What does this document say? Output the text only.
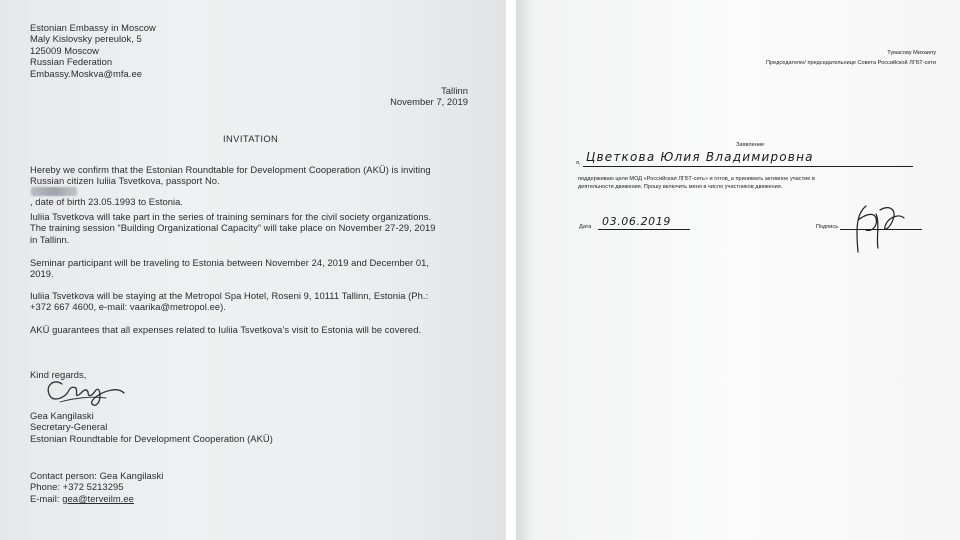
Estonian Embassy in Moscow
Maly Kislovsky pereulok, 5
125009 Moscow
Russian Federation
Embassy.Moskva@mfa.ee
Tallinn
November 7, 2019
INVITATION
Hereby we confirm that the Estonian Roundtable for Development Cooperation (AKÜ) is inviting
Russian citizen Iuliia Tsvetkova, passport No.
, date of birth 23.05.1993 to Estonia.
Iuliia Tsvetkova will take part in the series of training seminars for the civil society organizations.
The training session “Building Organizational Capacity” will take place on November 27-29, 2019
in Tallinn.
Seminar participant will be traveling to Estonia between November 24, 2019 and December 01,
2019.
Iuliia Tsvetkova will be staying at the Metropol Spa Hotel, Roseni 9, 10111 Tallinn, Estonia (Ph.:
+372 667 4600, e-mail: vaarika@metropol.ee).
AKÜ guarantees that all expenses related to Iuliia Tsvetkova’s visit to Estonia will be covered.
Kind regards,
Gea Kangilaski
Secretary-General
Estonian Roundtable for Development Cooperation (AKÜ)
Contact person: Gea Kangilaski
Phone: +372 5213295
E-mail: gea@terveilm.ee
Тумасову Михаилу
Председателю/ председательнице Совета Российской ЛГБТ-сети
Заявление
я, Цветкова Юлия Владимировна
поддерживаю цели МОД «Российская ЛГБТ-сеть» и готов_а принимать активное участие в
деятельности движения. Прошу включить меня в число участников движения.
Дата 03.06.2019	Подпись
